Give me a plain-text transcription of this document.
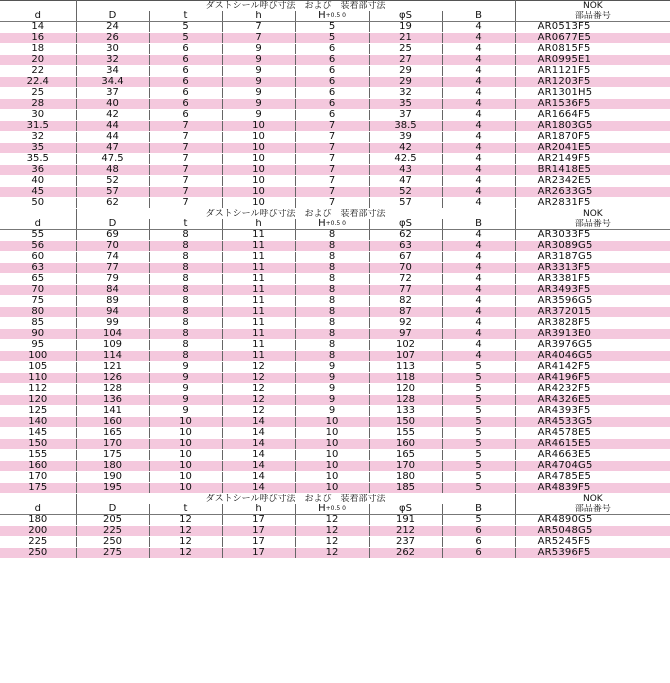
	ダストシール呼び寸法　および　装着部寸法						NOK
d	D	t	h	$H^{+0.5 0}$	φS	B	部品番号
14	24	5	7	5	19	4	AR0513F5
16	26	5	7	5	21	4	AR0677E5
18	30	6	9	6	25	4	AR0815F5
20	32	6	9	6	27	4	AR0995E1
22	34	6	9	6	29	4	AR1121F5
22.4	34.4	6	9	6	29	4	AR1203F5
25	37	6	9	6	32	4	AR1301H5
28	40	6	9	6	35	4	AR1536F5
30	42	6	9	6	37	4	AR1664F5
31.5	44	7	10	7	38.5	4	AR1803G5
32	44	7	10	7	39	4	AR1870F5
35	47	7	10	7	42	4	AR2041E5
35.5	47.5	7	10	7	42.5	4	AR2149F5
36	48	7	10	7	43	4	BR1418E5
40	52	7	10	7	47	4	AR2342E5
45	57	7	10	7	52	4	AR2633G5
50	62	7	10	7	57	4	AR2831F5
	ダストシール呼び寸法　および　装着部寸法						NOK
d	D	t	h	$H^{+0.5 0}$	φS	B	部品番号
55	69	8	11	8	62	4	AR3033F5
56	70	8	11	8	63	4	AR3089G5
60	74	8	11	8	67	4	AR3187G5
63	77	8	11	8	70	4	AR3313F5
65	79	8	11	8	72	4	AR3381F5
70	84	8	11	8	77	4	AR3493F5
75	89	8	11	8	82	4	AR3596G5
80	94	8	11	8	87	4	AR372015
85	99	8	11	8	92	4	AR3828F5
90	104	8	11	8	97	4	AR3913E0
95	109	8	11	8	102	4	AR3976G5
100	114	8	11	8	107	4	AR4046G5
105	121	9	12	9	113	5	AR4142F5
110	126	9	12	9	118	5	AR4196F5
112	128	9	12	9	120	5	AR4232F5
120	136	9	12	9	128	5	AR4326E5
125	141	9	12	9	133	5	AR4393F5
140	160	10	14	10	150	5	AR4533G5
145	165	10	14	10	155	5	AR4578E5
150	170	10	14	10	160	5	AR4615E5
155	175	10	14	10	165	5	AR4663E5
160	180	10	14	10	170	5	AR4704G5
170	190	10	14	10	180	5	AR4785E5
175	195	10	14	10	185	5	AR4839F5
	ダストシール呼び寸法　および　装着部寸法						NOK
d	D	t	h	$H^{+0.5 0}$	φS	B	部品番号
180	205	12	17	12	191	5	AR4890G5
200	225	12	17	12	212	6	AR5048G5
225	250	12	17	12	237	6	AR5245F5
250	275	12	17	12	262	6	AR5396F5
